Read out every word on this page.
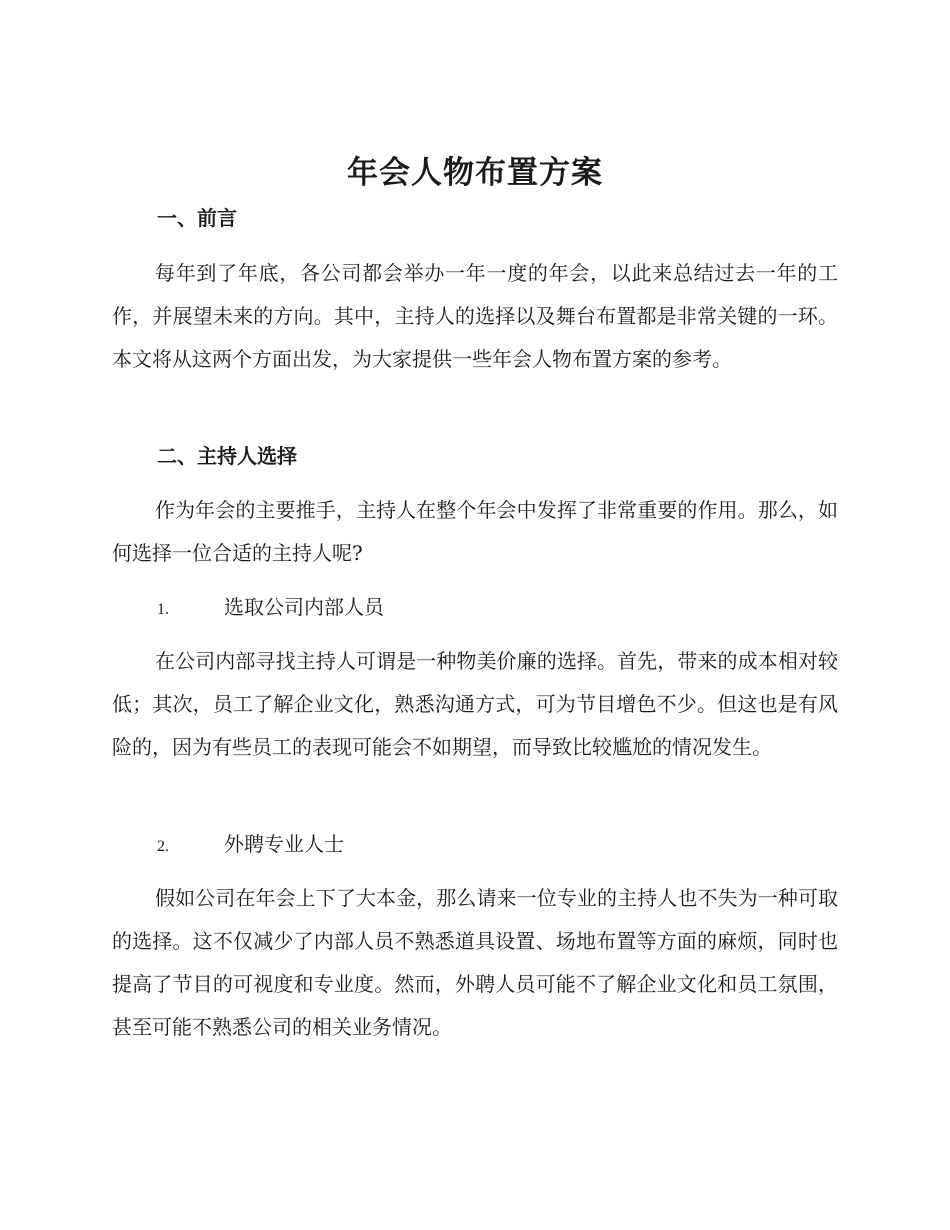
年会人物布置方案
一、前言

每年到了年底，各公司都会举办一年一度的年会，以此来总结过去一年的工作，并展望未来的方向。其中，主持人的选择以及舞台布置都是非常关键的一环。本文将从这两个方面出发，为大家提供一些年会人物布置方案的参考。

二、主持人选择

作为年会的主要推手，主持人在整个年会中发挥了非常重要的作用。那么，如何选择一位合适的主持人呢?

1.	选取公司内部人员

在公司内部寻找主持人可谓是一种物美价廉的选择。首先，带来的成本相对较低；其次，员工了解企业文化，熟悉沟通方式，可为节目增色不少。但这也是有风险的，因为有些员工的表现可能会不如期望，而导致比较尴尬的情况发生。

2.	外聘专业人士

假如公司在年会上下了大本金，那么请来一位专业的主持人也不失为一种可取的选择。这不仅减少了内部人员不熟悉道具设置、场地布置等方面的麻烦，同时也提高了节目的可视度和专业度。然而，外聘人员可能不了解企业文化和员工氛围，甚至可能不熟悉公司的相关业务情况。
